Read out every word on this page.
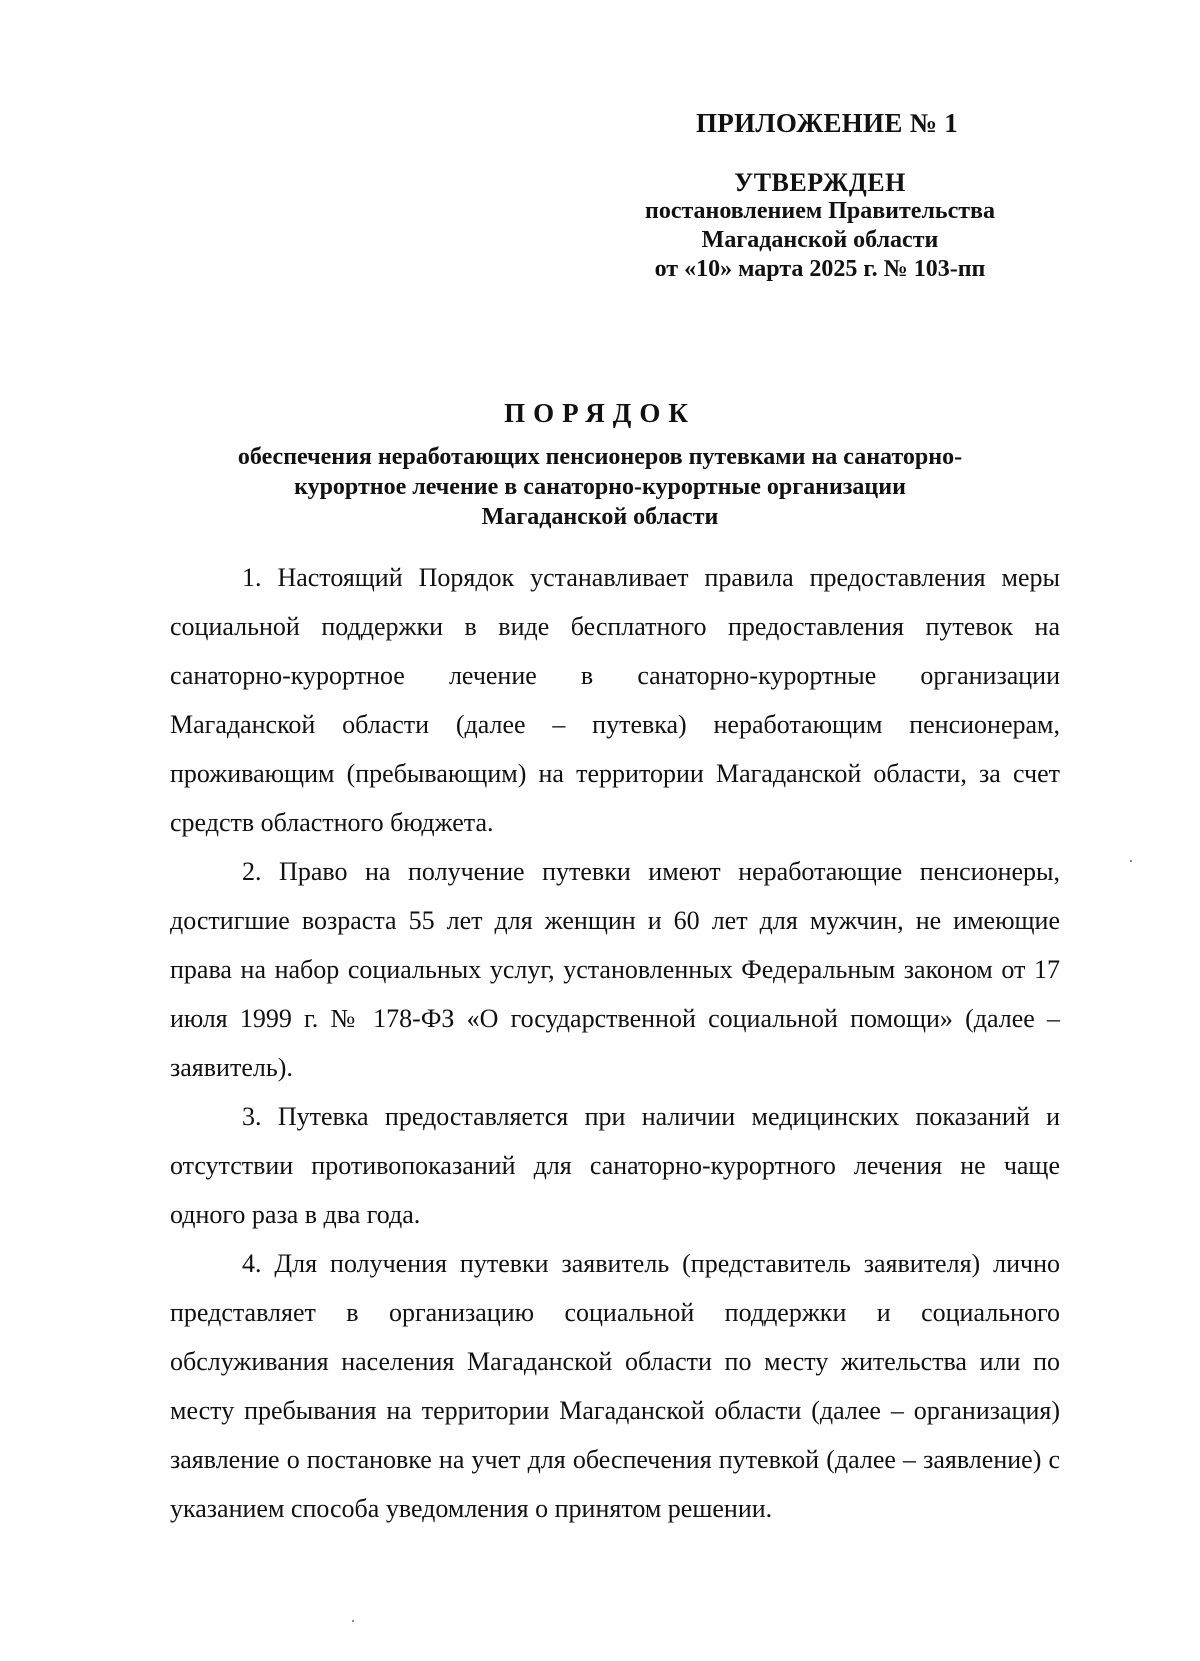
ПРИЛОЖЕНИЕ № 1
УТВЕРЖДЕН
постановлением Правительства
Магаданской области
от «10» марта 2025 г. № 103-пп
ПОРЯДОК
обеспечения неработающих пенсионеров путевками на санаторно-
курортное лечение в санаторно-курортные организации
Магаданской области

1. Настоящий Порядок устанавливает правила предоставления меры социальной поддержки в виде бесплатного предоставления путевок на санаторно-курортное лечение в санаторно-курортные организации Магаданской области (далее – путевка) неработающим пенсионерам, проживающим (пребывающим) на территории Магаданской области, за счет средств областного бюджета.

2. Право на получение путевки имеют неработающие пенсионеры, достигшие возраста 55 лет для женщин и 60 лет для мужчин, не имеющие права на набор социальных услуг, установленных Федеральным законом от 17 июля 1999 г. № 178-ФЗ «О государственной социальной помощи» (далее – заявитель).

3. Путевка предоставляется при наличии медицинских показаний и отсутствии противопоказаний для санаторно-курортного лечения не чаще одного раза в два года.

4. Для получения путевки заявитель (представитель заявителя) лично представляет в организацию социальной поддержки и социального обслуживания населения Магаданской области по месту жительства или по месту пребывания на территории Магаданской области (далее – организация) заявление о постановке на учет для обеспечения путевкой (далее – заявление) с указанием способа уведомления о принятом решении.
